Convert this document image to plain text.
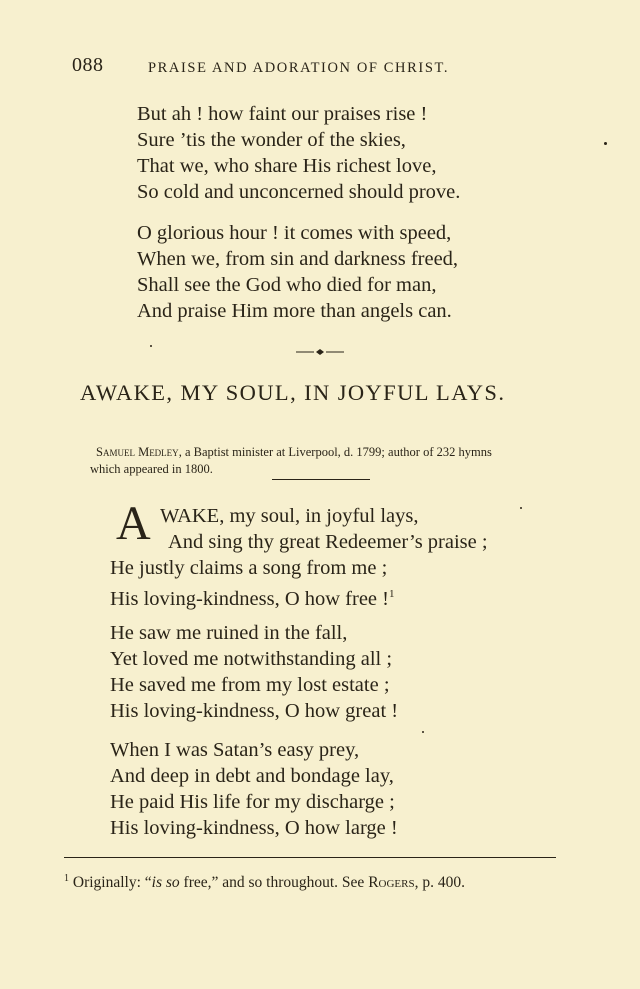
088	PRAISE AND ADORATION OF CHRIST.
But ah ! how faint our praises rise !
Sure ’tis the wonder of the skies,
That we, who share His richest love,
So cold and unconcerned should prove.
O glorious hour ! it comes with speed,
When we, from sin and darkness freed,
Shall see the God who died for man,
And praise Him more than angels can.
AWAKE, MY SOUL, IN JOYFUL LAYS.
Samuel Medley, a Baptist minister at Liverpool, d. 1799; author of 232 hymns
which appeared in 1800.
A WAKE, my soul, in joyful lays,
And sing thy great Redeemer’s praise ;
He justly claims a song from me ;
His loving-kindness, O how free !$^1$
He saw me ruined in the fall,
Yet loved me notwithstanding all ;
He saved me from my lost estate ;
His loving-kindness, O how great !
When I was Satan’s easy prey,
And deep in debt and bondage lay,
He paid His life for my discharge ;
His loving-kindness, O how large !
$^1$ Originally: “is so free,” and so throughout. See Rogers, p. 400.
